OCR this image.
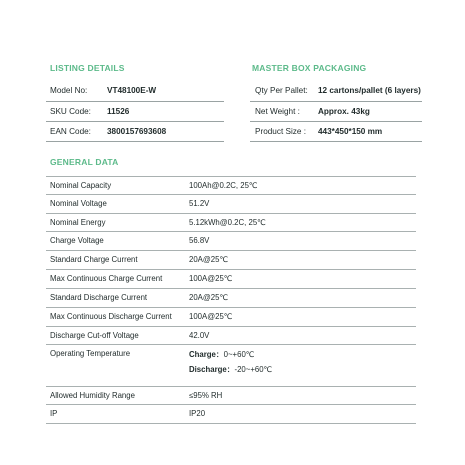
LISTING DETAILS
Model No: VT48100E-W
SKU Code: 11526
EAN Code: 3800157693608
MASTER BOX PACKAGING
Qty Per Pallet: 12 cartons/pallet (6 layers)
Net Weight : Approx. 43kg
Product Size : 443*450*150 mm
GENERAL DATA
Nominal Capacity	100Ah@0.2C, 25℃
Nominal Voltage	51.2V
Nominal Energy	5.12kWh@0.2C, 25℃
Charge Voltage	56.8V
Standard Charge Current	20A@25℃
Max Continuous Charge Current	100A@25℃
Standard Discharge Current	20A@25℃
Max Continuous Discharge Current 100A@25℃
Discharge Cut-off Voltage	42.0V
Operating Temperature	Charge：0~+60℃
Discharge：-20~+60℃
Allowed Humidity Range	≤95% RH
IP	IP20
